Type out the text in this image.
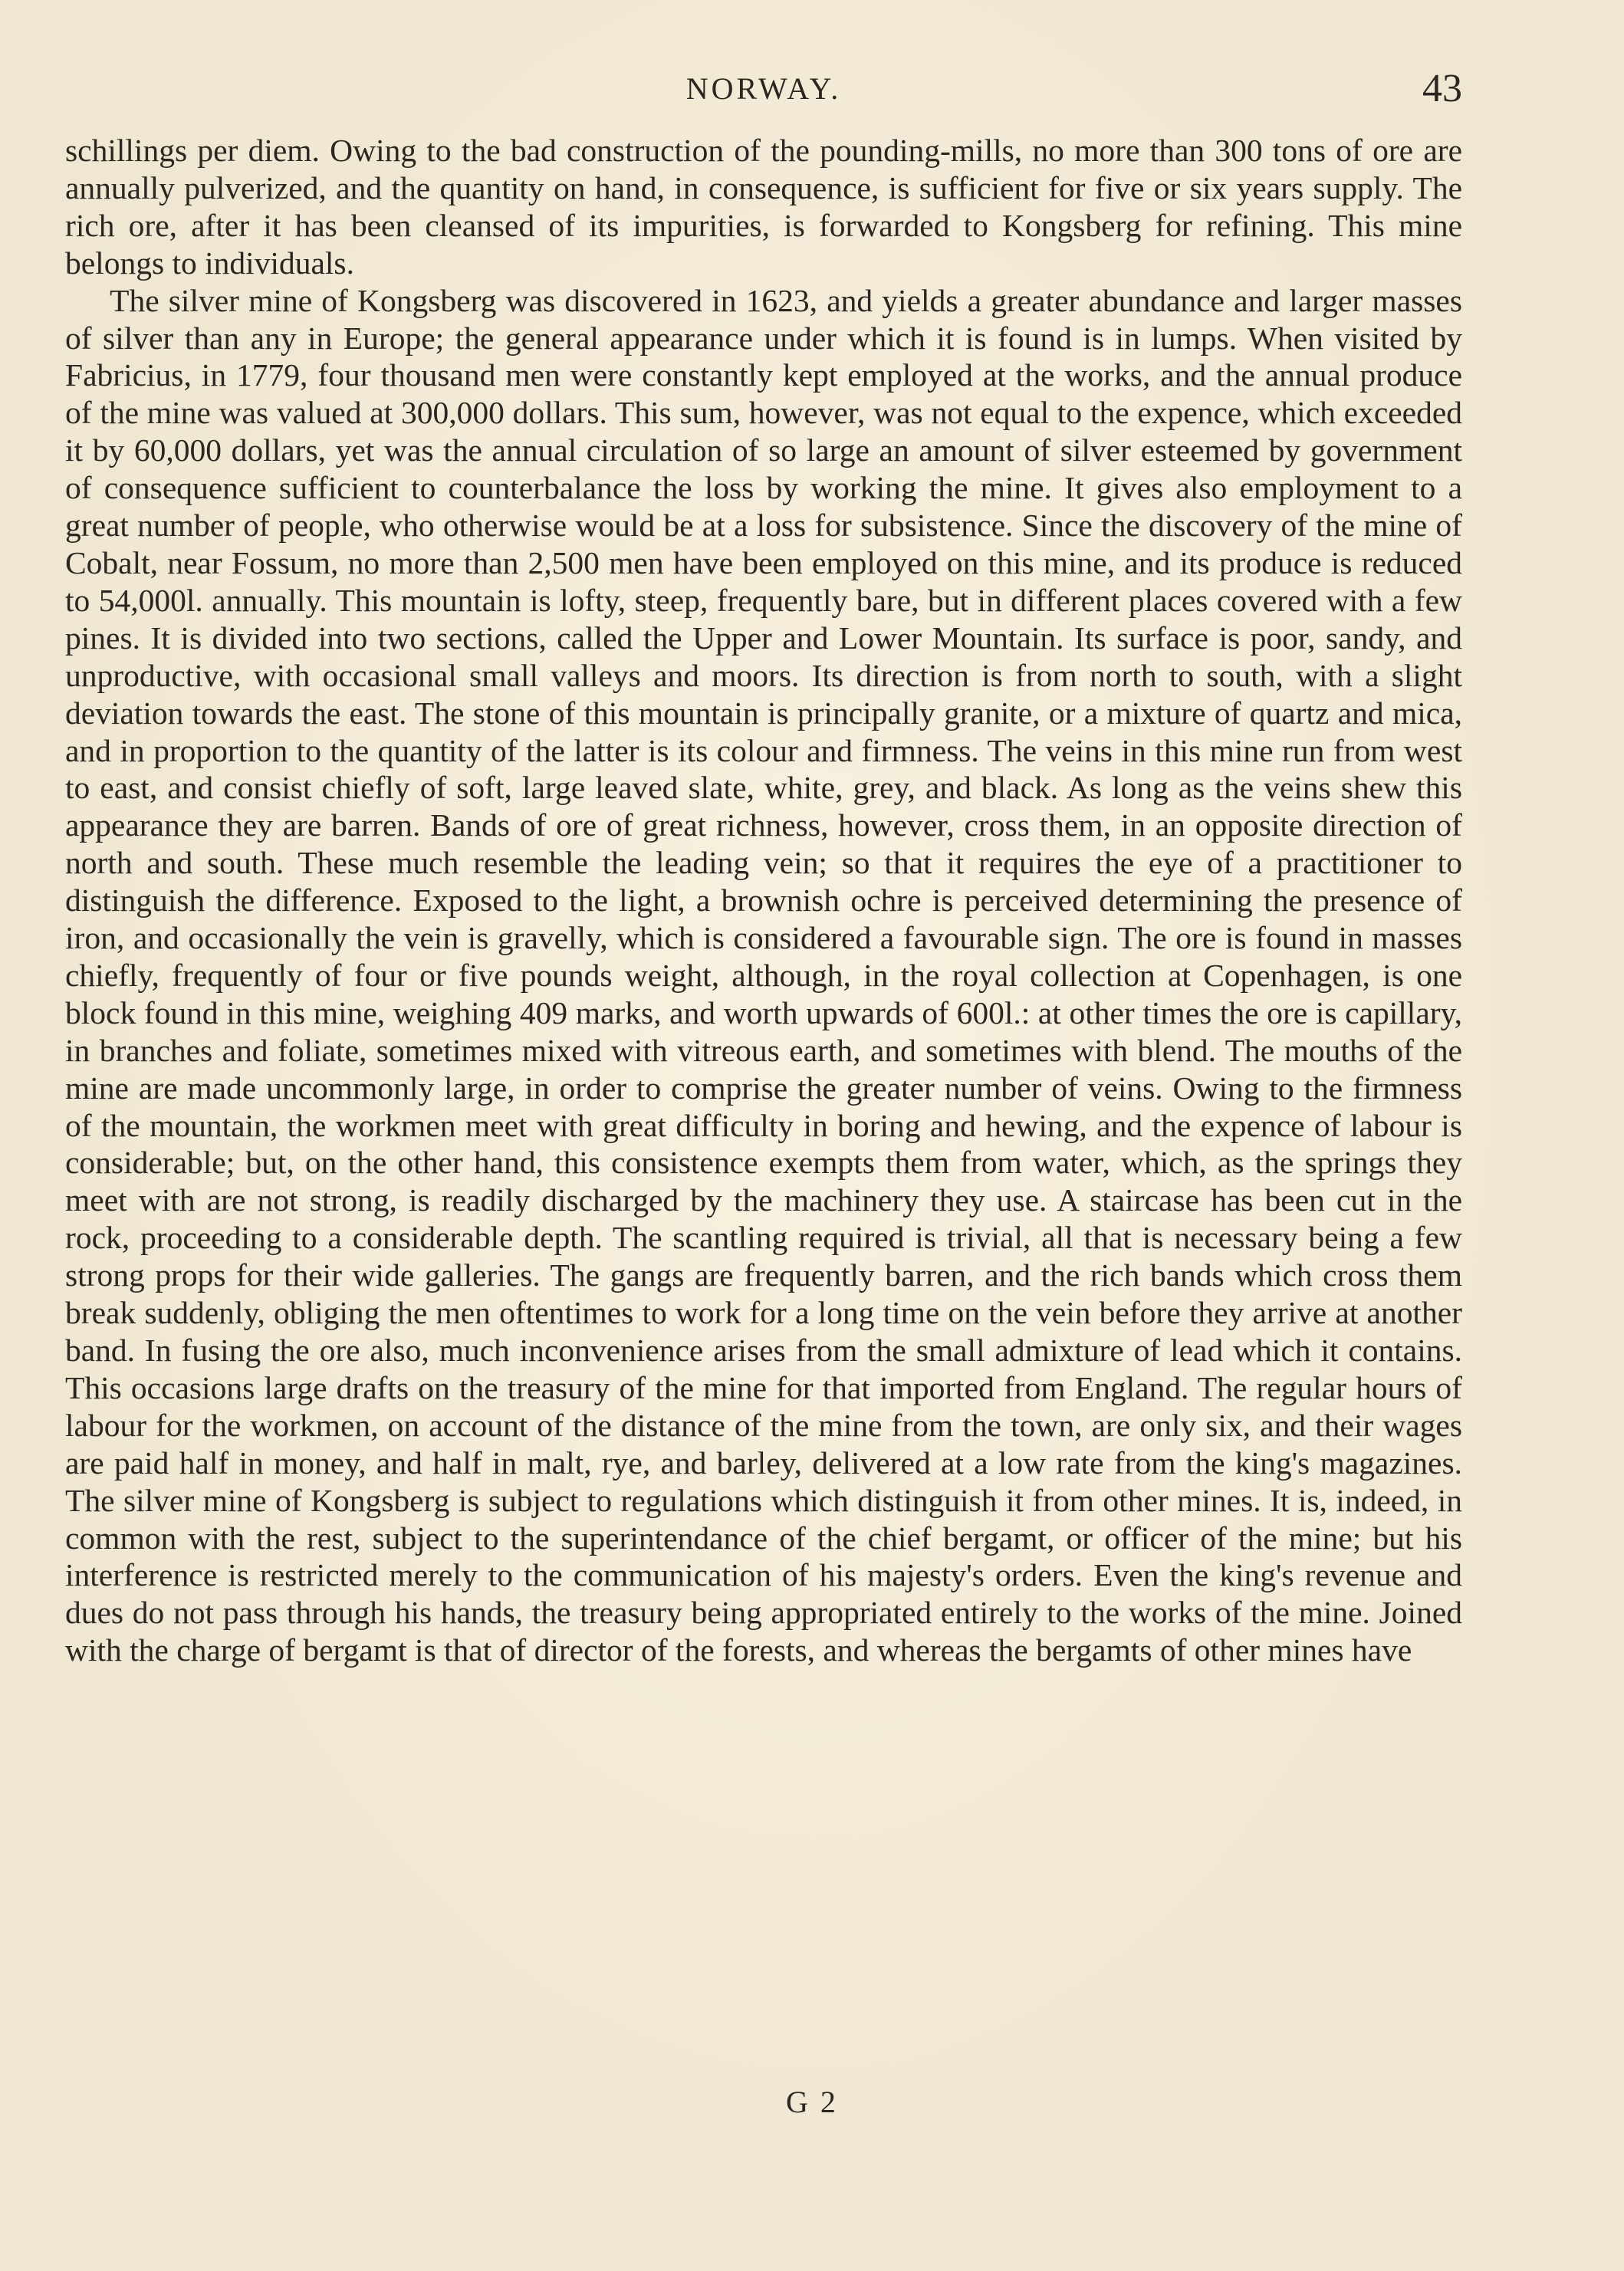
NORWAY.	43

schillings per diem. Owing to the bad construction of the pounding-mills, no more than 300 tons of ore are annually pulverized, and the quantity on hand, in consequence, is sufficient for five or six years supply. The rich ore, after it has been cleansed of its impurities, is forwarded to Kongsberg for refining. This mine belongs to individuals.

The silver mine of Kongsberg was discovered in 1623, and yields a greater abundance and larger masses of silver than any in Europe; the general appearance under which it is found is in lumps. When visited by Fabricius, in 1779, four thousand men were constantly kept employed at the works, and the annual produce of the mine was valued at 300,000 dollars. This sum, however, was not equal to the expence, which exceeded it by 60,000 dollars, yet was the annual circulation of so large an amount of silver esteemed by government of consequence sufficient to counterbalance the loss by working the mine. It gives also employment to a great number of people, who otherwise would be at a loss for subsistence. Since the discovery of the mine of Cobalt, near Fossum, no more than 2,500 men have been employed on this mine, and its produce is reduced to 54,000l. annually. This mountain is lofty, steep, frequently bare, but in different places covered with a few pines. It is divided into two sections, called the Upper and Lower Mountain. Its surface is poor, sandy, and unproductive, with occasional small valleys and moors. Its direction is from north to south, with a slight deviation towards the east. The stone of this mountain is principally granite, or a mixture of quartz and mica, and in proportion to the quantity of the latter is its colour and firmness. The veins in this mine run from west to east, and consist chiefly of soft, large leaved slate, white, grey, and black. As long as the veins shew this appearance they are barren. Bands of ore of great richness, however, cross them, in an opposite direction of north and south. These much resemble the leading vein; so that it requires the eye of a practitioner to distinguish the difference. Exposed to the light, a brownish ochre is perceived determining the presence of iron, and occasionally the vein is gravelly, which is considered a favourable sign. The ore is found in masses chiefly, frequently of four or five pounds weight, although, in the royal collection at Copenhagen, is one block found in this mine, weighing 409 marks, and worth upwards of 600l.: at other times the ore is capillary, in branches and foliate, sometimes mixed with vitreous earth, and sometimes with blend. The mouths of the mine are made uncommonly large, in order to comprise the greater number of veins. Owing to the firmness of the mountain, the workmen meet with great difficulty in boring and hewing, and the expence of labour is considerable; but, on the other hand, this consistence exempts them from water, which, as the springs they meet with are not strong, is readily discharged by the machinery they use. A staircase has been cut in the rock, proceeding to a considerable depth. The scantling required is trivial, all that is necessary being a few strong props for their wide galleries. The gangs are frequently barren, and the rich bands which cross them break suddenly, obliging the men oftentimes to work for a long time on the vein before they arrive at another band. In fusing the ore also, much inconvenience arises from the small admixture of lead which it contains. This occasions large drafts on the treasury of the mine for that imported from England. The regular hours of labour for the workmen, on account of the distance of the mine from the town, are only six, and their wages are paid half in money, and half in malt, rye, and barley, delivered at a low rate from the king's magazines. The silver mine of Kongsberg is subject to regulations which distinguish it from other mines. It is, indeed, in common with the rest, subject to the superintendance of the chief bergamt, or officer of the mine; but his interference is restricted merely to the communication of his majesty's orders. Even the king's revenue and dues do not pass through his hands, the treasury being appropriated entirely to the works of the mine. Joined with the charge of bergamt is that of director of the forests, and whereas the bergamts of other mines have

G 2
